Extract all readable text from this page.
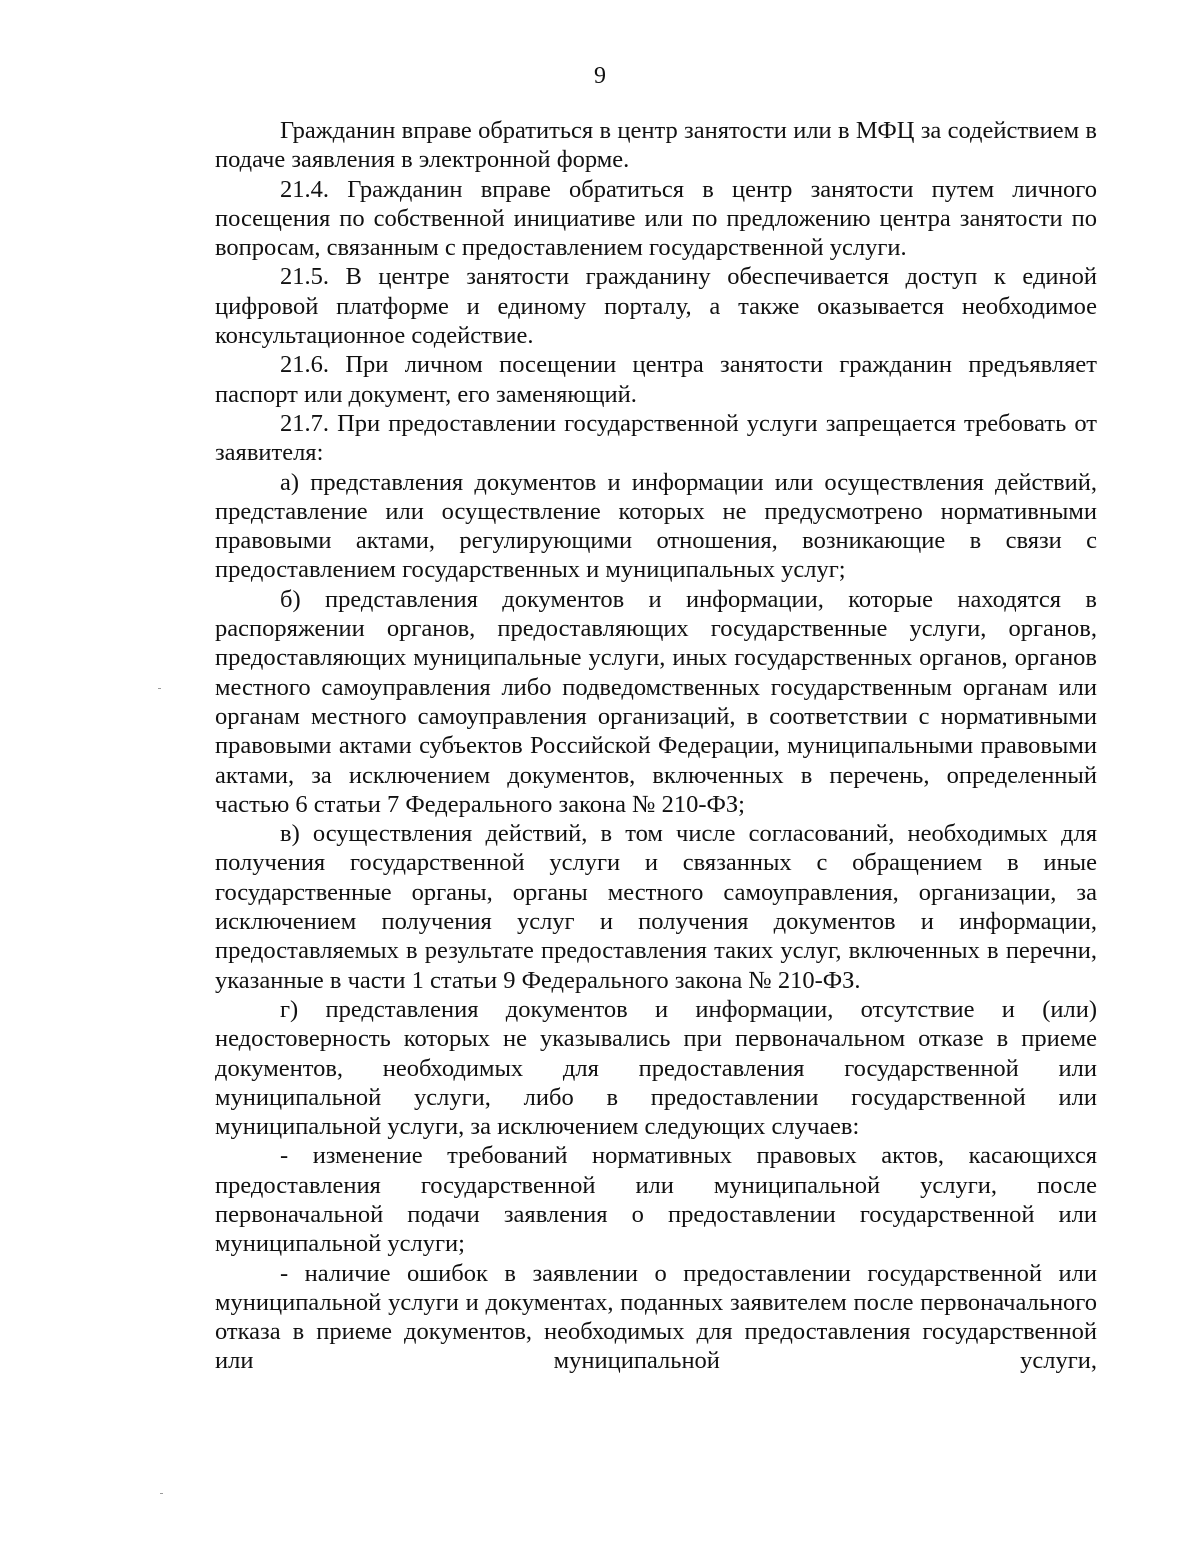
9

Гражданин вправе обратиться в центр занятости или в МФЦ за содействием в подаче заявления в электронной форме.

21.4. Гражданин вправе обратиться в центр занятости путем личного посещения по собственной инициативе или по предложению центра занятости по вопросам, связанным с предоставлением государственной услуги.

21.5. В центре занятости гражданину обеспечивается доступ к единой цифровой платформе и единому порталу, а также оказывается необходимое консультационное содействие.

21.6. При личном посещении центра занятости гражданин предъявляет паспорт или документ, его заменяющий.

21.7. При предоставлении государственной услуги запрещается требовать от заявителя:

а) представления документов и информации или осуществления действий, представление или осуществление которых не предусмотрено нормативными правовыми актами, регулирующими отношения, возникающие в связи с предоставлением государственных и муниципальных услуг;

б) представления документов и информации, которые находятся в распоряжении органов, предоставляющих государственные услуги, органов, предоставляющих муниципальные услуги, иных государственных органов, органов местного самоуправления либо подведомственных государственным органам или органам местного самоуправления организаций, в соответствии с нормативными правовыми актами субъектов Российской Федерации, муниципальными правовыми актами, за исключением документов, включенных в перечень, определенный частью 6 статьи 7 Федерального закона № 210-ФЗ;

в) осуществления действий, в том числе согласований, необходимых для получения государственной услуги и связанных с обращением в иные государственные органы, органы местного самоуправления, организации, за исключением получения услуг и получения документов и информации, предоставляемых в результате предоставления таких услуг, включенных в перечни, указанные в части 1 статьи 9 Федерального закона № 210-ФЗ.

г) представления документов и информации, отсутствие и (или) недостоверность которых не указывались при первоначальном отказе в приеме документов, необходимых для предоставления государственной или муниципальной услуги, либо в предоставлении государственной или муниципальной услуги, за исключением следующих случаев:

- изменение требований нормативных правовых актов, касающихся предоставления государственной или муниципальной услуги, после первоначальной подачи заявления о предоставлении государственной или муниципальной услуги;

- наличие ошибок в заявлении о предоставлении государственной или муниципальной услуги и документах, поданных заявителем после первоначального отказа в приеме документов, необходимых для предоставления государственной или муниципальной услуги,
